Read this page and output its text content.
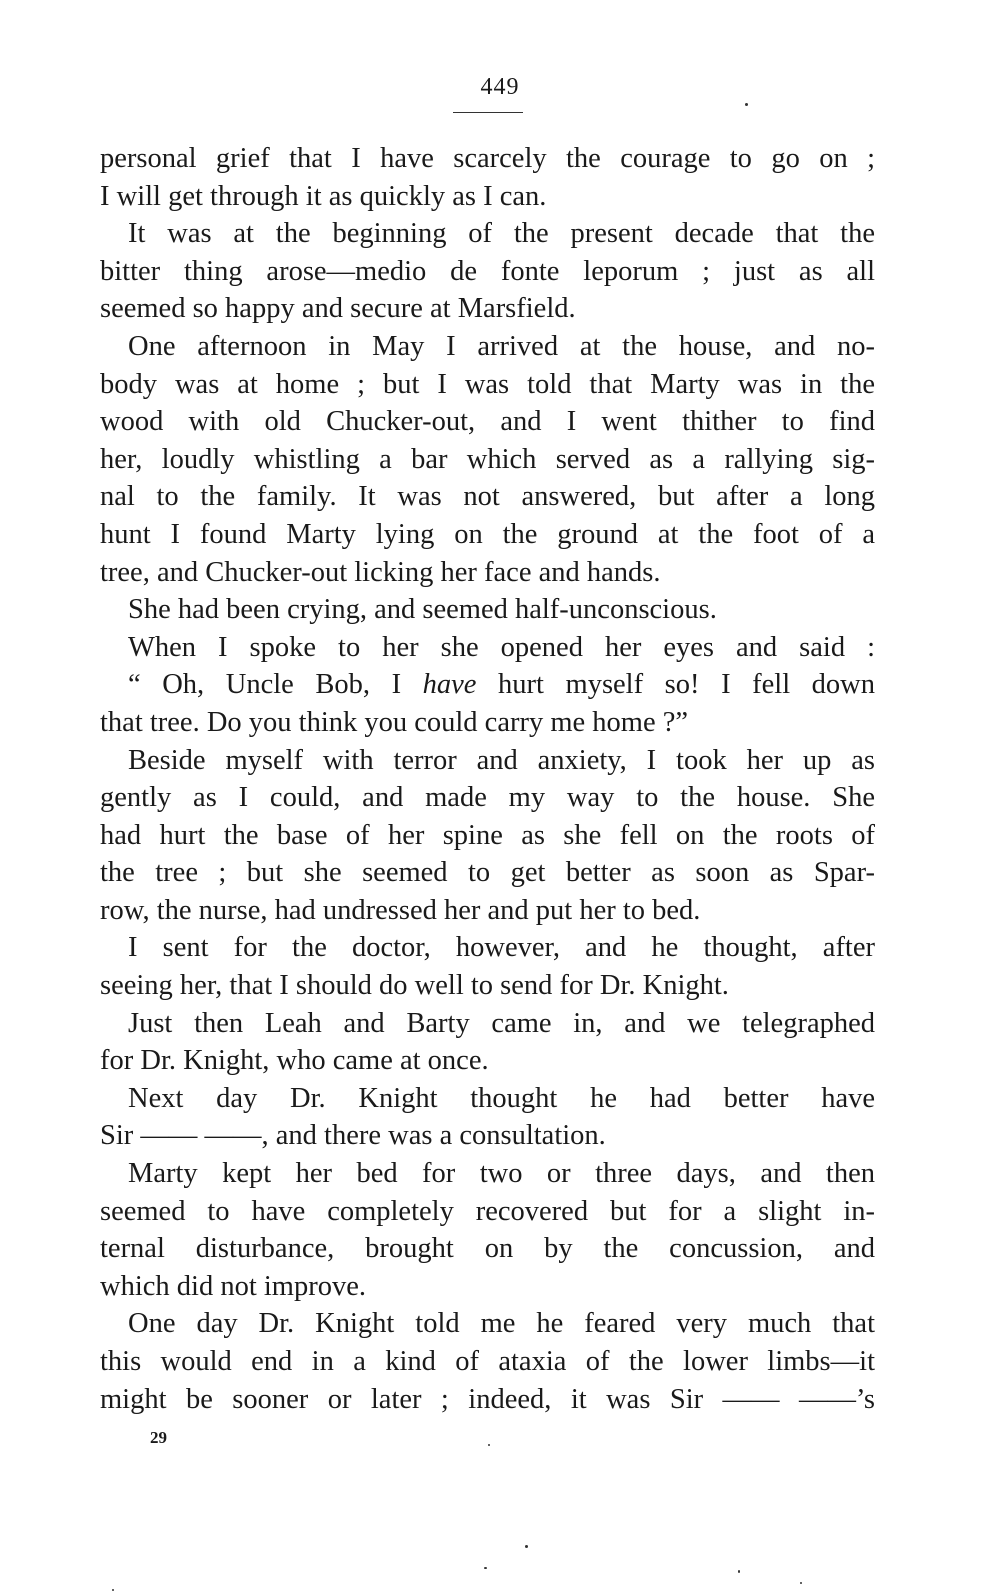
449
personal grief that I have scarcely the courage to go on ;
I will get through it as quickly as I can.
It was at the beginning of the present decade that the
bitter thing arose—medio de fonte leporum ; just as all
seemed so happy and secure at Marsfield.
One afternoon in May I arrived at the house, and no-
body was at home ; but I was told that Marty was in the
wood with old Chucker-out, and I went thither to find
her, loudly whistling a bar which served as a rallying sig-
nal to the family. It was not answered, but after a long
hunt I found Marty lying on the ground at the foot of a
tree, and Chucker-out licking her face and hands.
She had been crying, and seemed half-unconscious.
When I spoke to her she opened her eyes and said :
“ Oh, Uncle Bob, I have hurt myself so! I fell down
that tree. Do you think you could carry me home ?”
Beside myself with terror and anxiety, I took her up as
gently as I could, and made my way to the house. She
had hurt the base of her spine as she fell on the roots of
the tree ; but she seemed to get better as soon as Spar-
row, the nurse, had undressed her and put her to bed.
I sent for the doctor, however, and he thought, after
seeing her, that I should do well to send for Dr. Knight.
Just then Leah and Barty came in, and we telegraphed
for Dr. Knight, who came at once.
Next day Dr. Knight thought he had better have
Sir —— ——, and there was a consultation.
Marty kept her bed for two or three days, and then
seemed to have completely recovered but for a slight in-
ternal disturbance, brought on by the concussion, and
which did not improve.
One day Dr. Knight told me he feared very much that
this would end in a kind of ataxia of the lower limbs—it
might be sooner or later ; indeed, it was Sir —— ——’s
29
